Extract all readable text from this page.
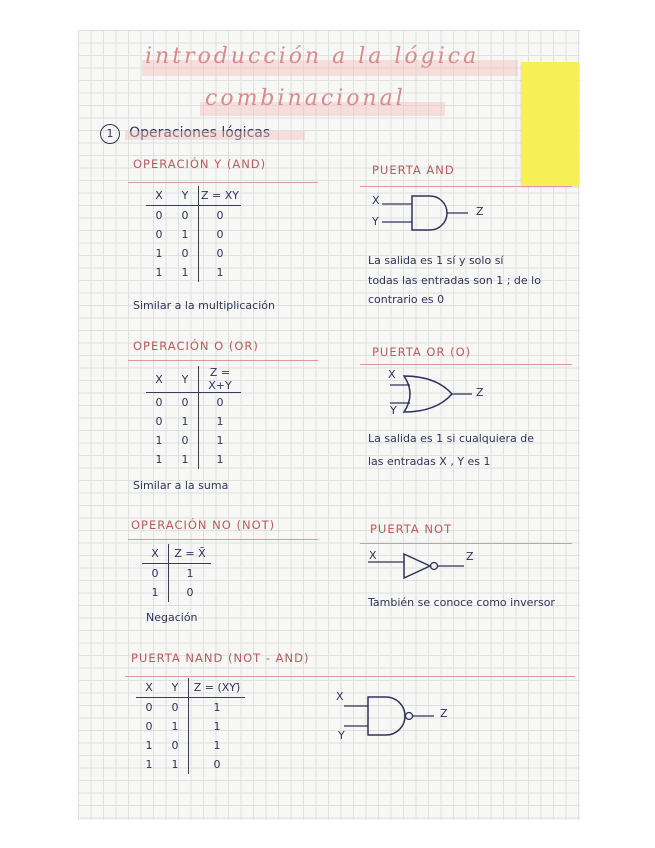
introducción a la lógica
combinacional
1 Operaciones lógicas
OPERACIÓN Y (AND)	PUERTA AND
X	Y	Z = XY
0	0	0
0	1	0
1	0	0
1	1	1
Similar a la multiplicación
X
Y
Z
La salida es 1 sí y solo sí
todas las entradas son 1 ; de lo
contrario es 0
OPERACIÓN O (OR)	PUERTA OR (O)
X	Y	Z = X+Y
0	0	0
0	1	1
1	0	1
1	1	1
Similar a la suma
X
Y
Z
La salida es 1 si cualquiera de
las entradas X , Y es 1
OPERACIÓN NO (NOT)	PUERTA NOT
X	Z = X̄
0	1
1	0
Negación
X	Z
También se conoce como inversor
PUERTA NAND (NOT - AND)
X	Y	Z = (XY)̄
0	0	1
0	1	1
1	0	1
1	1	0
X
Y
Z
